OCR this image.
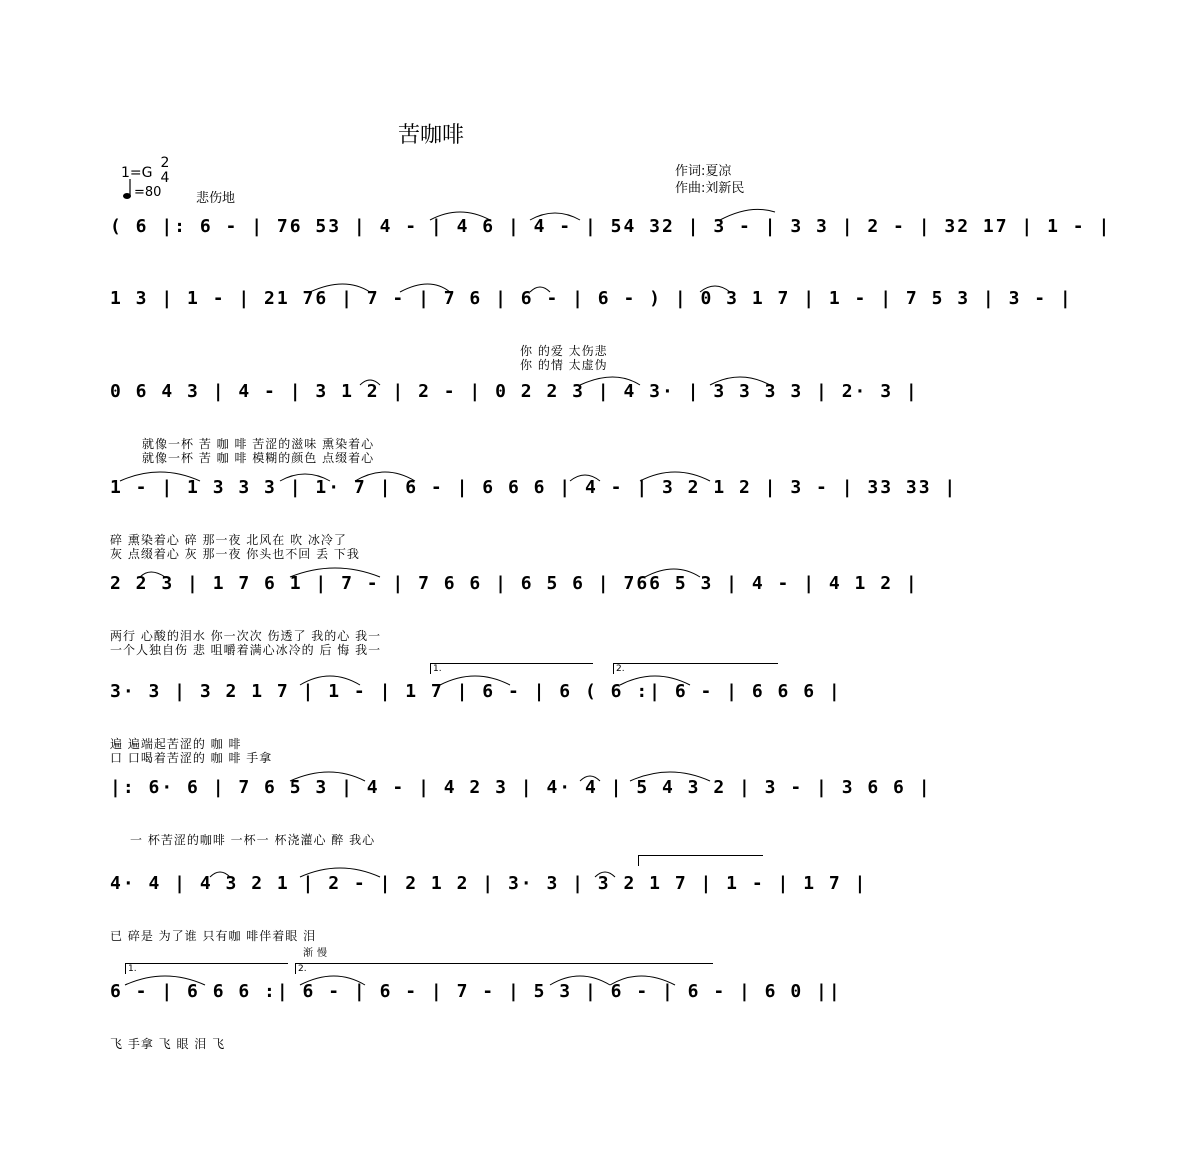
苦咖啡
1=G
2
4
=80	悲伤地
作词:夏凉
作曲:刘新民
( 6 |: 6 - | 76 53 | 4 - | 4 6 | 4 - | 54 32 | 3 - | 3 3 | 2 - | 32 17 | 1 - |
1 3 | 1 - | 21 76 | 7 - | 7 6 | 6 - | 6 - ) | 0 3 1 7 | 1 - | 7 5 3 | 3 - |
你 的爱 太伤悲
你 的情 太虚伪
0 6 4 3 | 4 - | 3 1 2 | 2 - | 0 2 2 3 | 4 3· | 3 3 3 3 | 2· 3 |
就像一杯 苦 咖 啡 苦涩的滋味 熏染着心
就像一杯 苦 咖 啡 模糊的颜色 点缀着心
1 - | 1 3 3 3 | 1· 7 | 6 - | 6 6 6 | 4 - | 3 2 1 2 | 3 - | 33 33 |
碎 熏染着心 碎 那一夜 北风在 吹 冰冷了
灰 点缀着心 灰 那一夜 你头也不回 丢 下我
2 2 3 | 1 7 6 1 | 7 - | 7 6 6 | 6 5 6 | 766 5 3 | 4 - | 4 1 2 |
两行 心酸的泪水 你一次次 伤透了 我的心 我一
一个人独自伤 悲 咀嚼着满心冰冷的 后 悔 我一
1.	2.
3· 3 | 3 2 1 7 | 1 - | 1 7 | 6 - | 6 ( 6 :| 6 - | 6 6 6 |
遍 遍端起苦涩的 咖 啡
口 口喝着苦涩的 咖 啡 手拿
|: 6· 6 | 7 6 5 3 | 4 - | 4 2 3 | 4· 4 | 5 4 3 2 | 3 - | 3 6 6 |
一 杯苦涩的咖啡 一杯一 杯浇灌心 醉 我心
4· 4 | 4 3 2 1 | 2 - | 2 1 2 | 3· 3 | 3 2 1 7 | 1 - | 1 7 |
已 碎是 为了谁 只有咖 啡伴着眼 泪
渐慢
1.	2.
6 - | 6 6 6 :| 6 - | 6 - | 7 - | 5 3 | 6 - | 6 - | 6 0 ||
飞 手拿 飞 眼 泪 飞
